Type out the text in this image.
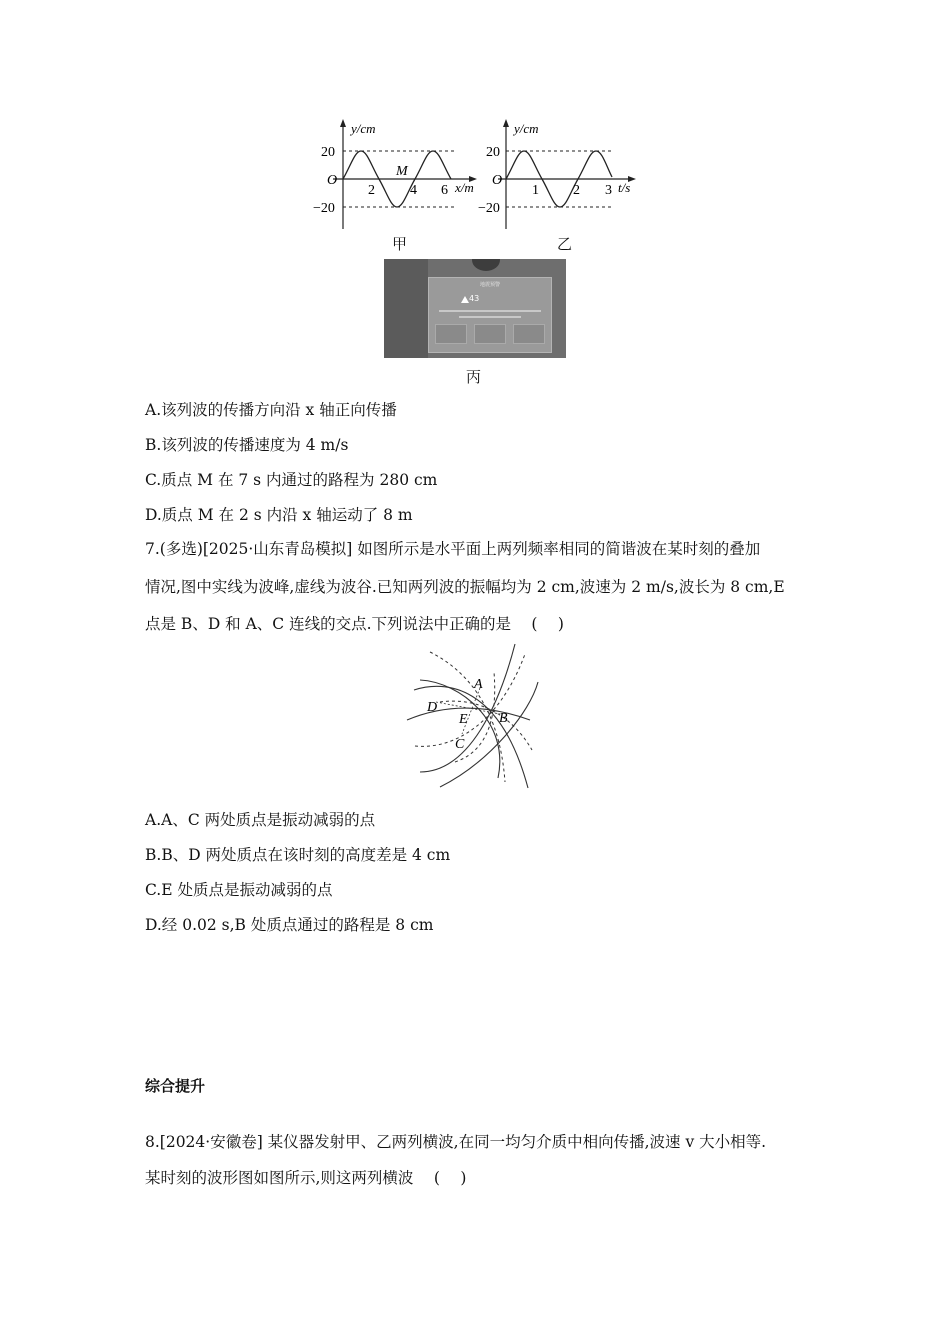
y/cm
x/m
O
20
−20
2	4 6
M
甲
y/cm
t/s
20
−20
O
1 2 3
乙
地震预警
43
丙
A.该列波的传播方向沿 x 轴正向传播
B.该列波的传播速度为 4 m/s
C.质点 M 在 7 s 内通过的路程为 280 cm
D.质点 M 在 2 s 内沿 x 轴运动了 8 m
7.(多选)[2025·山东青岛模拟] 如图所示是水平面上两列频率相同的简谐波在某时刻的叠加
情况,图中实线为波峰,虚线为波谷.已知两列波的振幅均为 2 cm,波速为 2 m/s,波长为 8 cm,E
点是 B、D 和 A、C 连线的交点.下列说法中正确的是　 (　 )
A
D
E B
C
A.A、C 两处质点是振动减弱的点
B.B、D 两处质点在该时刻的高度差是 4 cm
C.E 处质点是振动减弱的点
D.经 0.02 s,B 处质点通过的路程是 8 cm
综合提升
8.[2024·安徽卷] 某仪器发射甲、乙两列横波,在同一均匀介质中相向传播,波速 v 大小相等.
某时刻的波形图如图所示,则这两列横波　 (　 )
